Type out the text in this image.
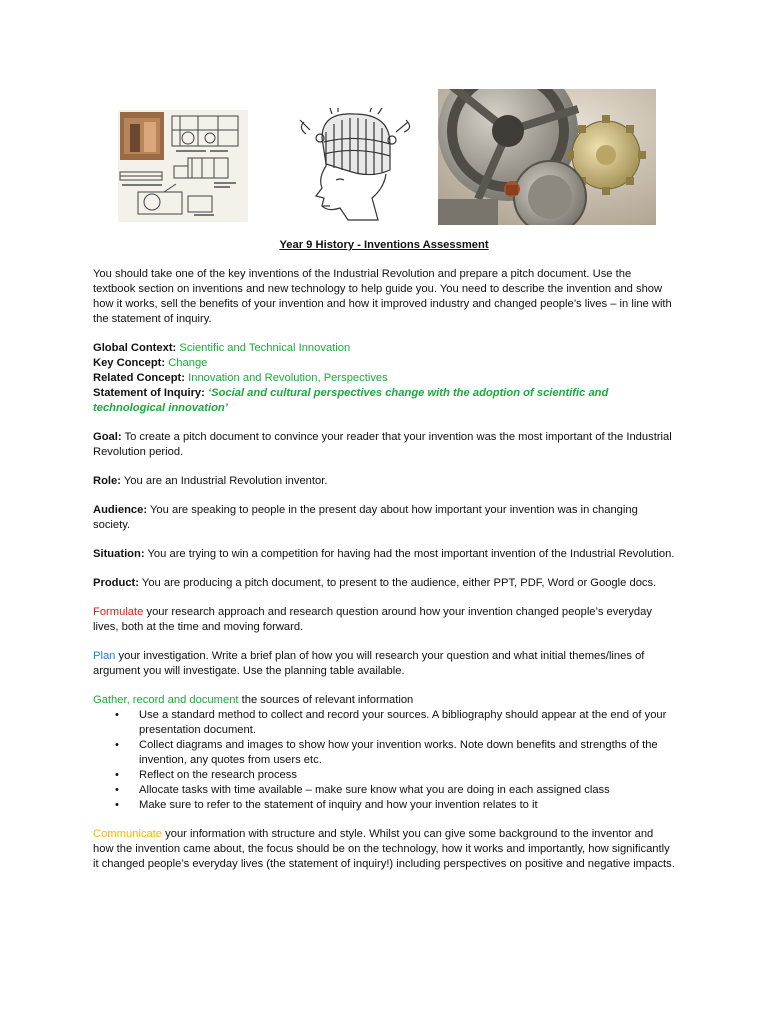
Year 9 History - Inventions Assessment

You should take one of the key inventions of the Industrial Revolution and prepare a pitch document. Use the textbook section on inventions and new technology to help guide you. You need to describe the invention and show how it works, sell the benefits of your invention and how it improved industry and changed people’s lives – in line with the statement of inquiry.

Global Context: Scientific and Technical Innovation
Key Concept: Change
Related Concept: Innovation and Revolution, Perspectives
Statement of Inquiry: ‘Social and cultural perspectives change with the adoption of scientific and technological innovation’

Goal: To create a pitch document to convince your reader that your invention was the most important of the Industrial Revolution period.

Role: You are an Industrial Revolution inventor.

Audience: You are speaking to people in the present day about how important your invention was in changing society.

Situation: You are trying to win a competition for having had the most important invention of the Industrial Revolution.

Product: You are producing a pitch document, to present to the audience, either PPT, PDF, Word or Google docs.

Formulate your research approach and research question around how your invention changed people’s everyday lives, both at the time and moving forward.

Plan your investigation. Write a brief plan of how you will research your question and what initial themes/lines of argument you will investigate. Use the planning table available.

Gather, record and document the sources of relevant information

• Use a standard method to collect and record your sources. A bibliography should appear at the end of your presentation document.
• Collect diagrams and images to show how your invention works. Note down benefits and strengths of the invention, any quotes from users etc.
• Reflect on the research process
• Allocate tasks with time available – make sure know what you are doing in each assigned class
• Make sure to refer to the statement of inquiry and how your invention relates to it

Communicate your information with structure and style. Whilst you can give some background to the inventor and how the invention came about, the focus should be on the technology, how it works and importantly, how significantly it changed people’s everyday lives (the statement of inquiry!) including perspectives on positive and negative impacts.
